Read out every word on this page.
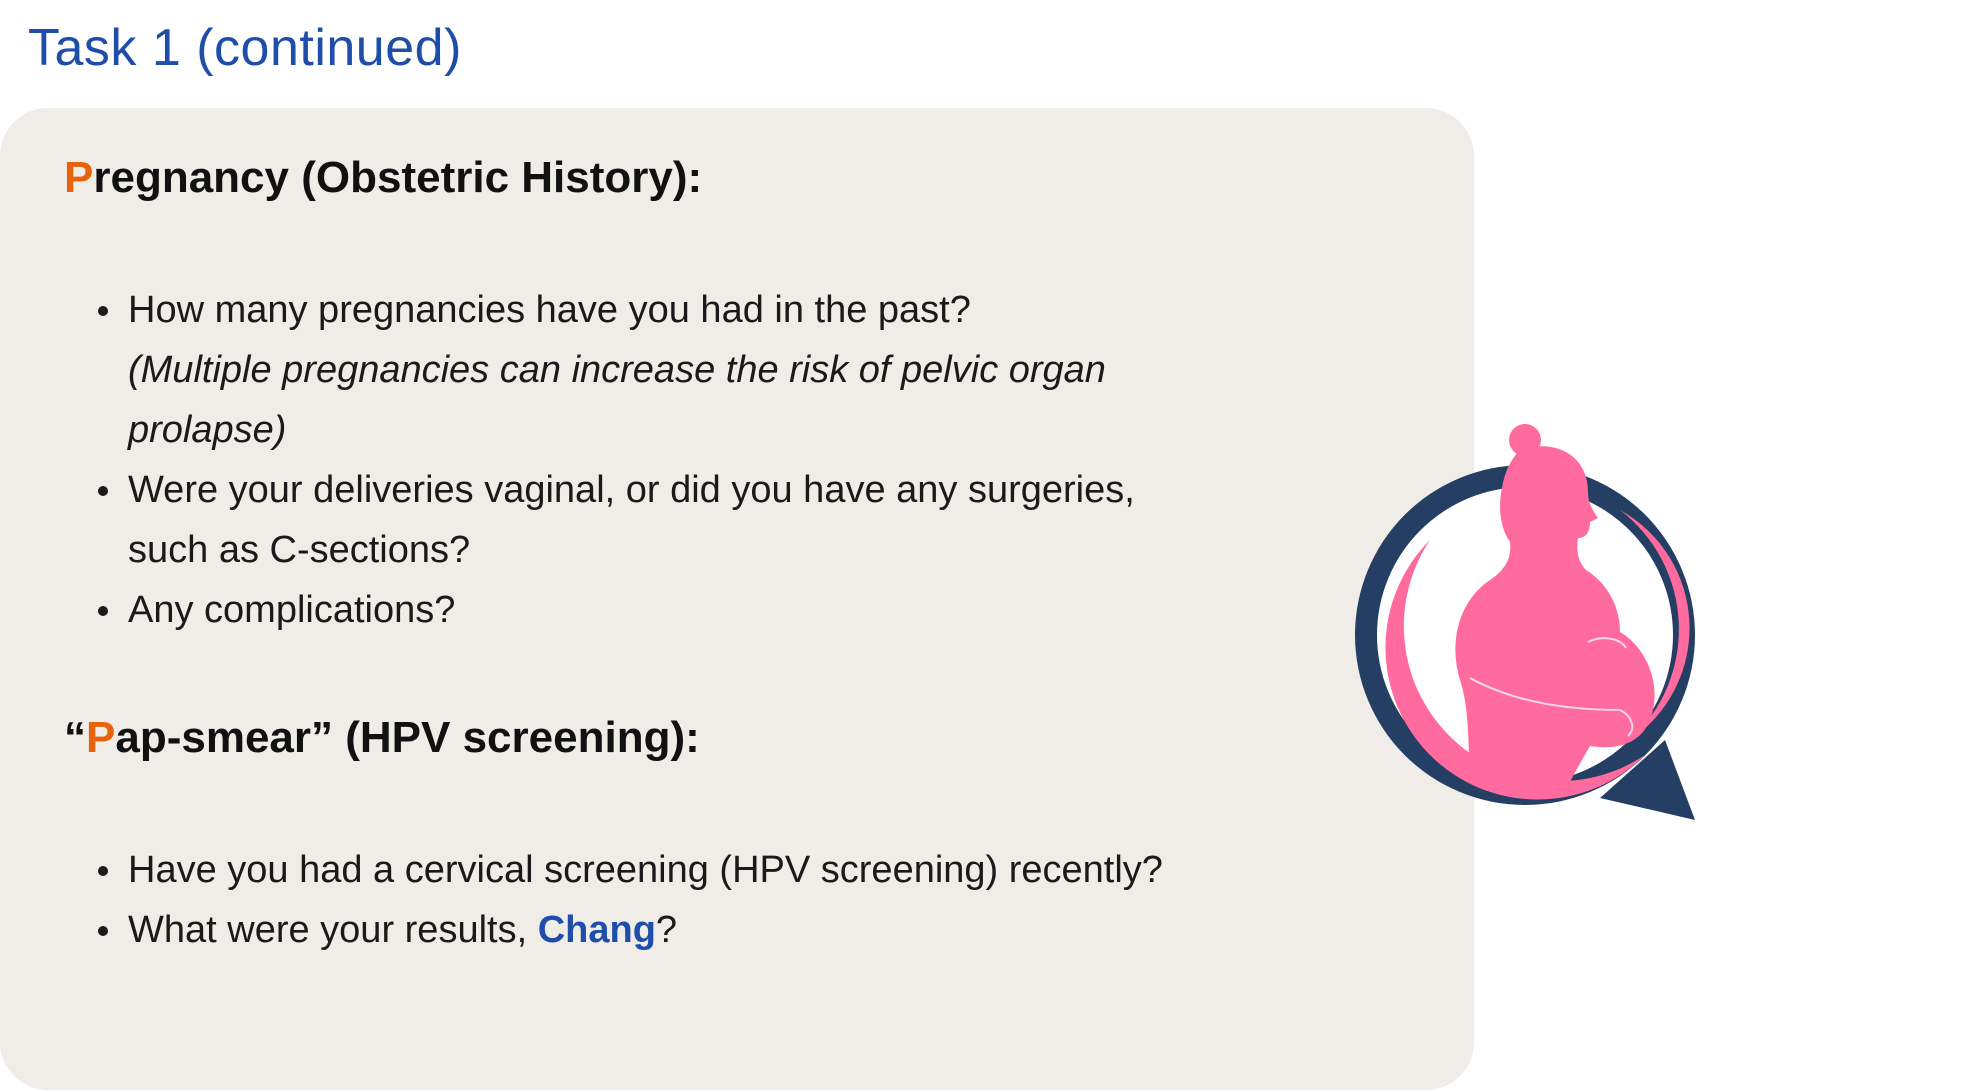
Task 1 (continued)
Pregnancy (Obstetric History):
How many pregnancies have you had in the past?
(Multiple pregnancies can increase the risk of pelvic organ prolapse)
Were your deliveries vaginal, or did you have any surgeries, such as C-sections?
Any complications?
“Pap-smear” (HPV screening):
Have you had a cervical screening (HPV screening) recently?
What were your results, Chang?
